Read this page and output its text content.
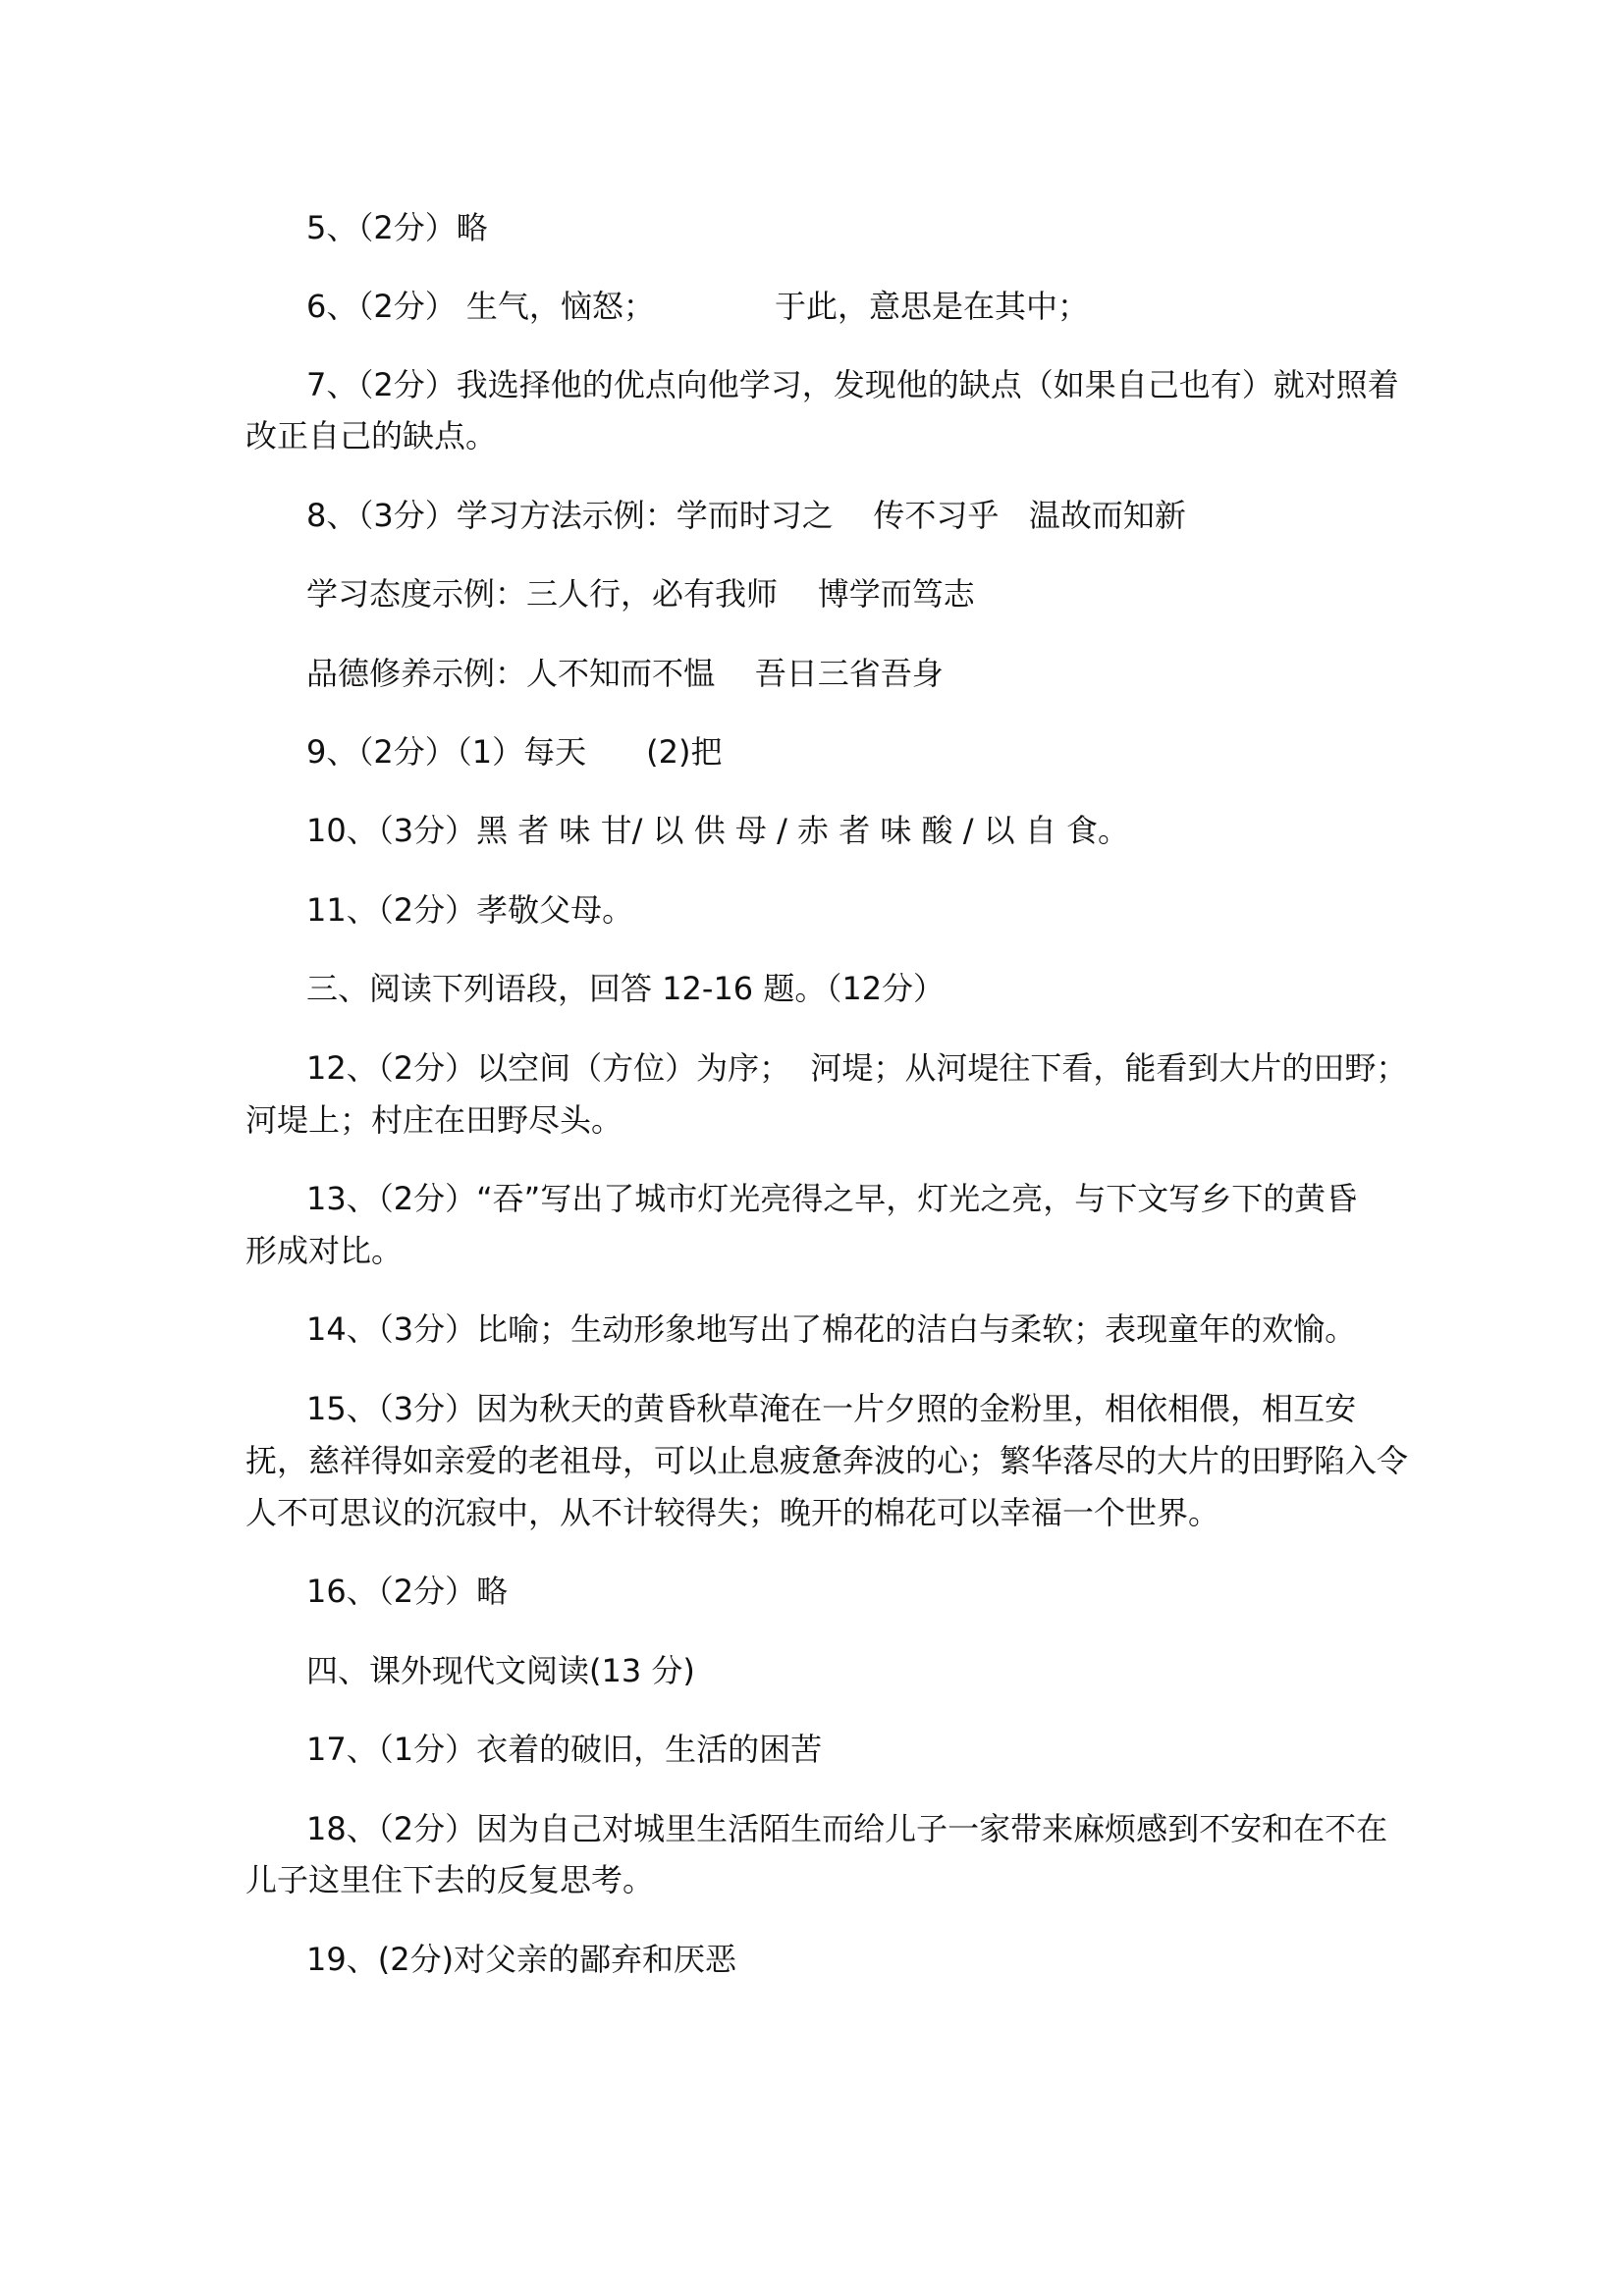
5、（2分）略

6、（2分） 生气，恼怒；            于此，意思是在其中；

7、（2分）我选择他的优点向他学习，发现他的缺点（如果自己也有）就对照着

改正自己的缺点。

8、（3分）学习方法示例：学而时习之    传不习乎   温故而知新

学习态度示例：三人行，必有我师    博学而笃志

品德修养示例：人不知而不愠    吾日三省吾身

9、（2分）（1）每天      (2)把

10、（3分）黑 者 味 甘/ 以 供 母 / 赤 者 味 酸 / 以 自 食。

11、（2分）孝敬父母。

三、阅读下列语段，回答 12-16 题。（12分）

12、（2分）以空间（方位）为序；  河堤；从河堤往下看，能看到大片的田野；

河堤上；村庄在田野尽头。

13、（2分）“吞”写出了城市灯光亮得之早，灯光之亮，与下文写乡下的黄昏

形成对比。

14、（3分）比喻；生动形象地写出了棉花的洁白与柔软；表现童年的欢愉。

15、（3分）因为秋天的黄昏秋草淹在一片夕照的金粉里，相依相偎，相互安

抚，慈祥得如亲爱的老祖母，可以止息疲惫奔波的心；繁华落尽的大片的田野陷入令

人不可思议的沉寂中，从不计较得失；晚开的棉花可以幸福一个世界。

16、（2分）略

四、课外现代文阅读(13 分)

17、（1分）衣着的破旧，生活的困苦

18、（2分）因为自己对城里生活陌生而给儿子一家带来麻烦感到不安和在不在

儿子这里住下去的反复思考。

19、(2分)对父亲的鄙弃和厌恶
